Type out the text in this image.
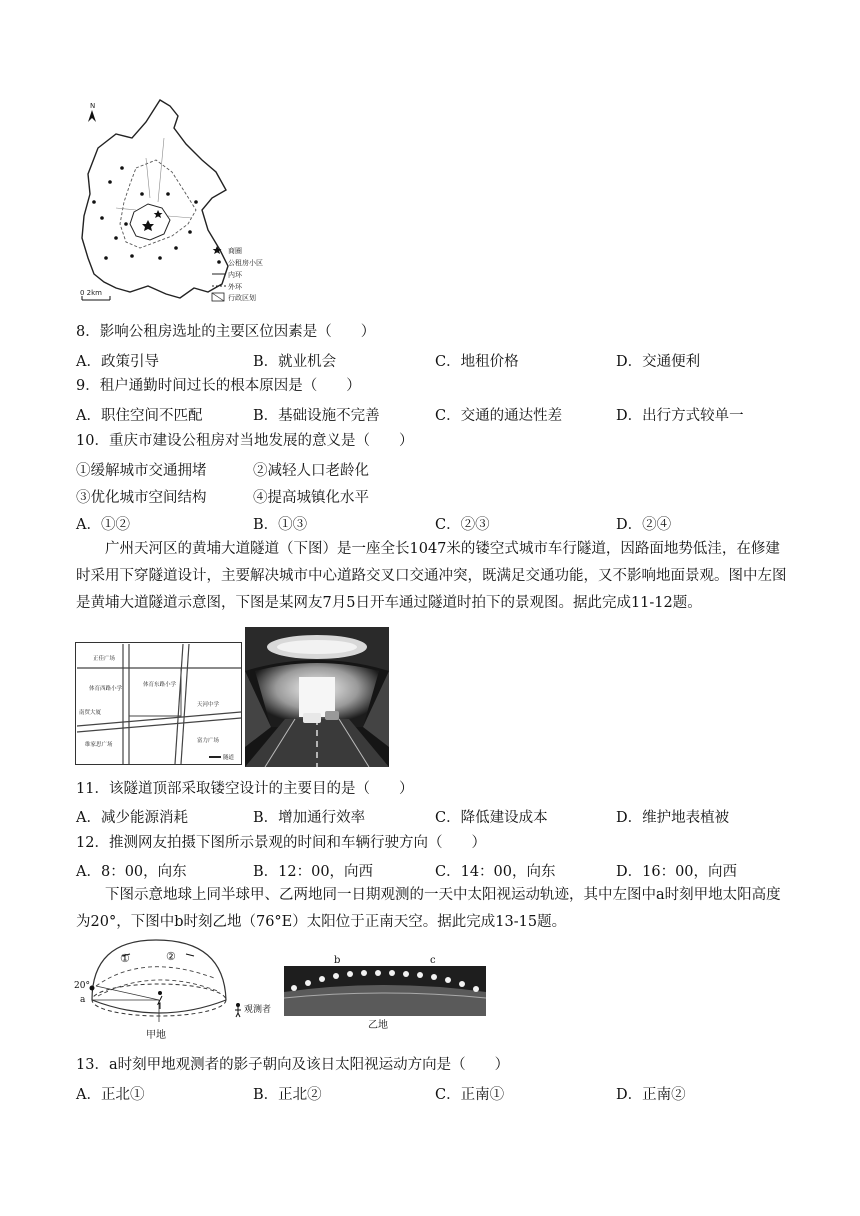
N
商圈
公租房小区
内环
外环
行政区划
0 2km
8．影响公租房选址的主要区位因素是（　　）
A．政策引导	B．就业机会	C．地租价格	D．交通便利
9．租户通勤时间过长的根本原因是（　　）
A．职住空间不匹配	B．基础设施不完善	C．交通的通达性差	D．出行方式较单一
10．重庆市建设公租房对当地发展的意义是（　　）
①缓解城市交通拥堵	②减轻人口老龄化
③优化城市空间结构	④提高城镇化水平
A．①②	B．①③	C．②③	D．②④
广州天河区的黄埔大道隧道（下图）是一座全长1047米的镂空式城市车行隧道，因路面地势低洼，在修建时采用下穿隧道设计，主要解决城市中心道路交叉口交通冲突，既满足交通功能，又不影响地面景观。图中左图是黄埔大道隧道示意图，下图是某网友7月5日开车通过隧道时拍下的景观图。据此完成11-12题。
正佳广场
体育西路小学
体育东路小学
天河中学
南贸大厦
维家思广场
富力广场
隧道
11．该隧道顶部采取镂空设计的主要目的是（　　）
A．减少能源消耗	B．增加通行效率	C．降低建设成本	D．维护地表植被
12．推测网友拍摄下图所示景观的时间和车辆行驶方向（　　）
A．8：00，向东	B．12：00，向西	C．14：00，向东	D．16：00，向西
下图示意地球上同半球甲、乙两地同一日期观测的一天中太阳视运动轨迹，其中左图中a时刻甲地太阳高度为20°，下图中b时刻乙地（76°E）太阳位于正南天空。据此完成13-15题。
①	②
20°
a
甲地
观测者
b	c
乙地
13．a时刻甲地观测者的影子朝向及该日太阳视运动方向是（　　）
A．正北①	B．正北②	C．正南①	D．正南②
